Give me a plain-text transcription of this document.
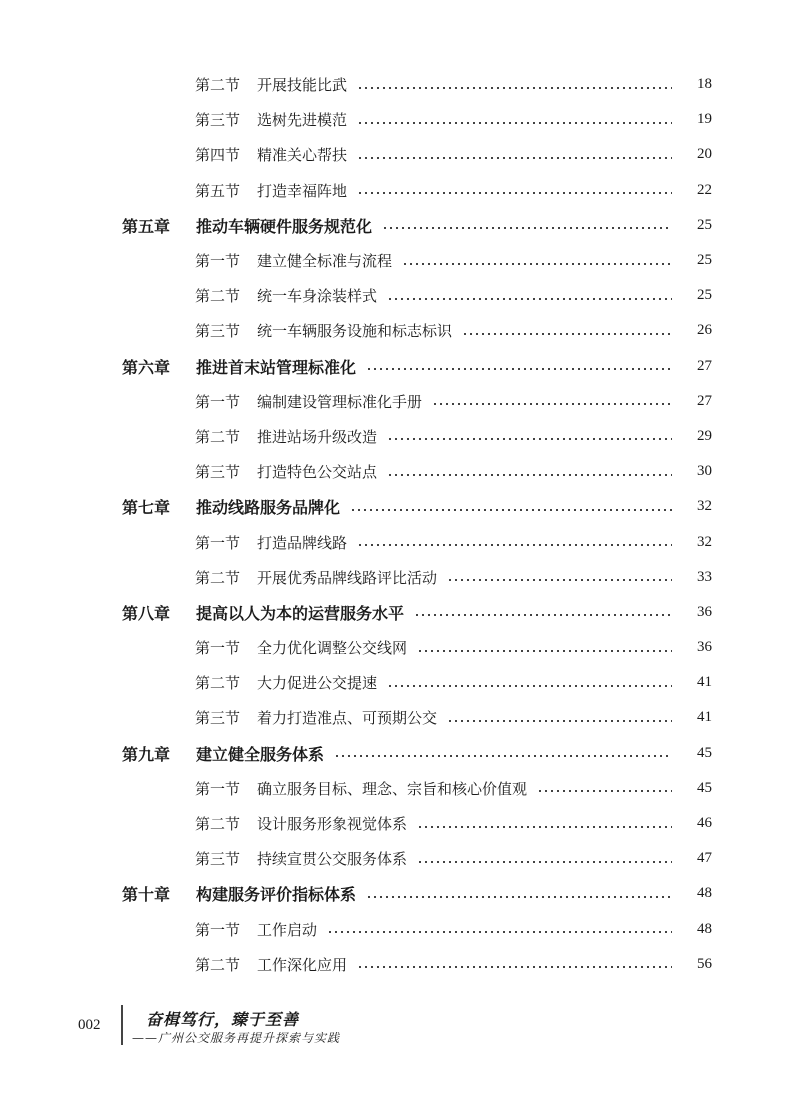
第二节	开展技能比武	18
第三节	选树先进模范	19
第四节	精准关心帮扶	20
第五节	打造幸福阵地	22
第五章	推动车辆硬件服务规范化	25
第一节	建立健全标准与流程	25
第二节	统一车身涂装样式	25
第三节	统一车辆服务设施和标志标识	26
第六章	推进首末站管理标准化	27
第一节	编制建设管理标准化手册	27
第二节	推进站场升级改造	29
第三节	打造特色公交站点	30
第七章	推动线路服务品牌化	32
第一节	打造品牌线路	32
第二节	开展优秀品牌线路评比活动	33
第八章	提高以人为本的运营服务水平	36
第一节	全力优化调整公交线网	36
第二节	大力促进公交提速	41
第三节	着力打造准点、可预期公交	41
第九章	建立健全服务体系	45
第一节	确立服务目标、理念、宗旨和核心价值观	45
第二节	设计服务形象视觉体系	46
第三节	持续宣贯公交服务体系	47
第十章	构建服务评价指标体系	48
第一节	工作启动	48
第二节	工作深化应用	56
002	奋楫笃行，臻于至善
——广州公交服务再提升探索与实践
